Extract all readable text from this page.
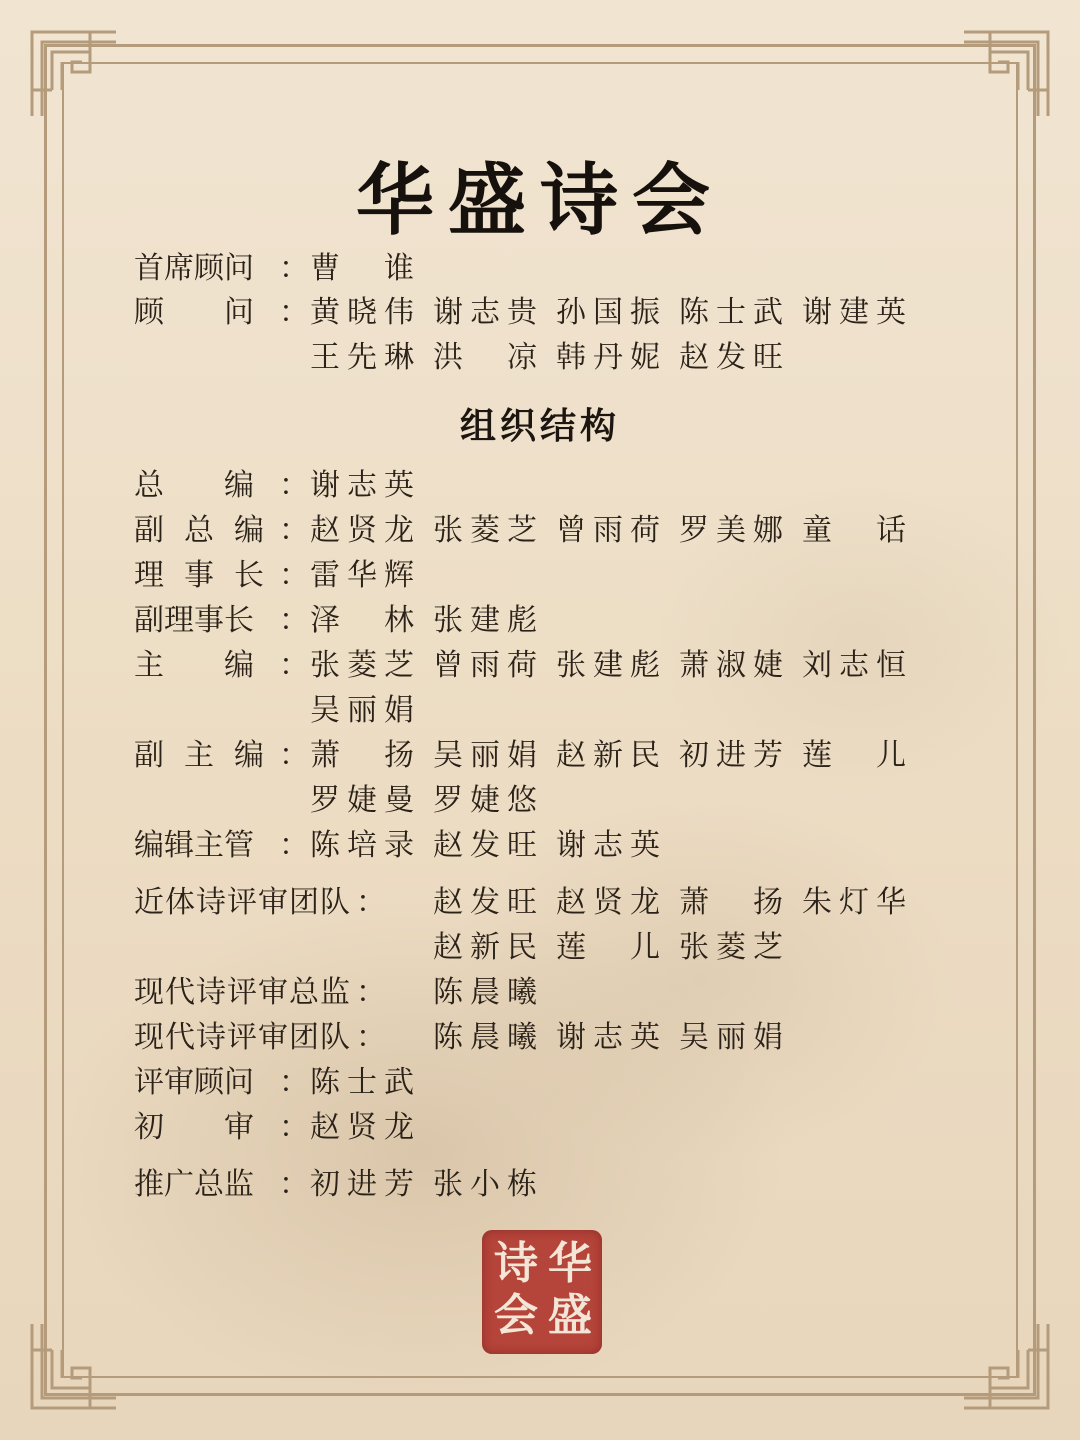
华盛诗会
首席顾问 ： 曹 谁
顾　　问 ： 黄 晓 伟 谢 志 贵 孙 国 振 陈 士 武 谢 建 英
王 先 琳 洪
　 凉 韩 丹 妮 赵 发 旺
组织结构
总　　编 ： 谢 志 英
副总编
： 赵 贤 龙 张 菱 芝 曾 雨 荷 罗 美 娜 童
　 话
理事长
： 雷 华 辉
副理事长 ： 泽
　 林 张 建 彪
主　　编 ： 张 菱 芝 曾 雨 荷 张 建 彪 萧 淑 婕 刘 志 恒
吴 丽 娟
副主编
： 萧
　 扬 吴 丽 娟 赵 新 民 初 进 芳 莲
　 儿
罗 婕 曼 罗 婕 悠
编辑主管 ： 陈 培 录 赵 发 旺 谢 志 英
近体诗评审团队 ： 赵 发 旺 赵 贤 龙 萧
　 扬 朱 灯 华
赵 新 民 莲
　 儿 张 菱 芝
现代诗评审总监 ： 陈 晨 曦
现代诗评审团队 ： 陈 晨 曦 谢 志 英 吴 丽 娟
评审顾问 ： 陈 士 武
初　　审 ： 赵 贤 龙
推广总监 ： 初 进 芳 张 小 栋
华
盛
诗
会
